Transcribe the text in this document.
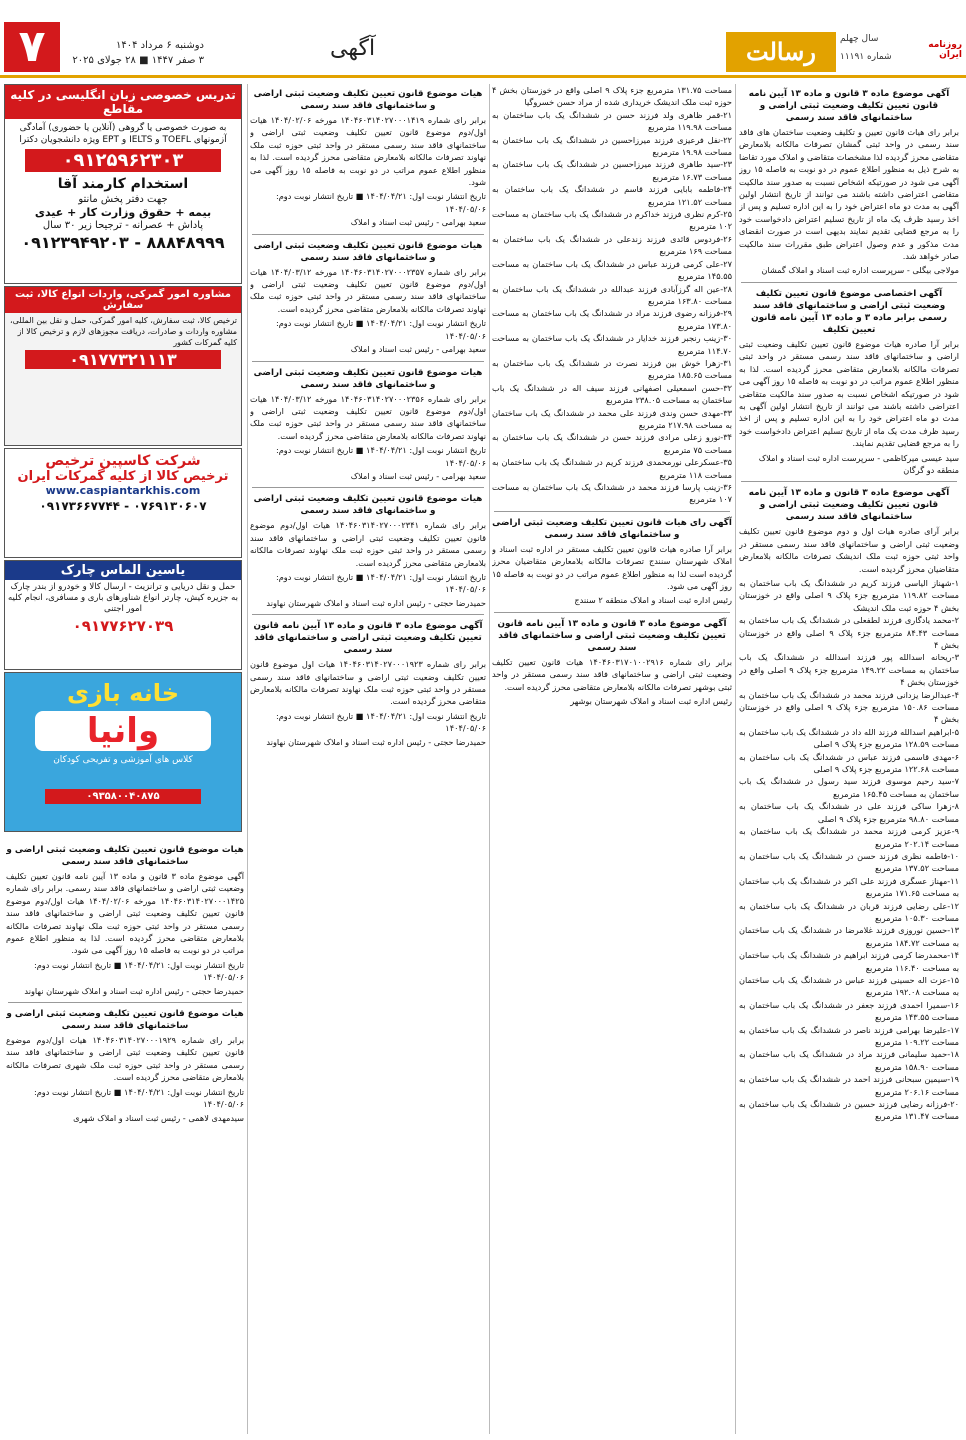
۷	دوشنبه ۶ مرداد ۱۴۰۴
۳ صفر ۱۴۴۷ ■ ۲۸ جولای ۲۰۲۵	آگهی	رسالت	سال چهلم
شماره ۱۱۱۹۱
روزنامه ایران
آگهی موضوع ماده ۳ قانون و ماده ۱۳ آیین نامه قانون تعیین تکلیف وضعیت ثبتی اراضی و ساختمانهای فاقد سند رسمی

برابر رای هیات قانون تعیین و تکلیف وضعیت ساختمان های فاقد سند رسمی در واحد ثبتی گمشان تصرفات مالکانه بلامعارض متقاضی محرز گردیده لذا مشخصات متقاضی و املاک مورد تقاضا به شرح ذیل به منظور اطلاع عموم در دو نوبت به فاصله ۱۵ روز آگهی می شود در صورتیکه اشخاص نسبت به صدور سند مالکیت متقاضی اعتراضی داشته باشند می توانند از تاریخ انتشار اولین آگهی به مدت دو ماه اعتراض خود را به این اداره تسلیم و پس از اخذ رسید ظرف یک ماه از تاریخ تسلیم اعتراض دادخواست خود را به مرجع قضایی تقدیم نمایند بدیهی است در صورت انقضای مدت مذکور و عدم وصول اعتراض طبق مقررات سند مالکیت صادر خواهد شد.

مولاجی بیگلی - سرپرست اداره ثبت اسناد و املاک گمشان

آگهی اختصاصی موضوع قانون تعیین تکلیف وضعیت ثبتی اراضی و ساختمانهای فاقد سند رسمی برابر ماده ۳ و ماده ۱۳ آیین نامه قانون تعیین تکلیف

برابر آرا صادره هیات موضوع قانون تعیین تکلیف وضعیت ثبتی اراضی و ساختمانهای فاقد سند رسمی مستقر در واحد ثبتی تصرفات مالکانه بلامعارض متقاضی محرز گردیده است. لذا به منظور اطلاع عموم مراتب در دو نوبت به فاصله ۱۵ روز آگهی می شود در صورتیکه اشخاص نسبت به صدور سند مالکیت متقاضی اعتراضی داشته باشند می توانند از تاریخ انتشار اولین آگهی به مدت دو ماه اعتراض خود را به این اداره تسلیم و پس از اخذ رسید ظرف مدت یک ماه از تاریخ تسلیم اعتراض دادخواست خود را به مرجع قضایی تقدیم نمایند.

سید عیسی میرکاظمی - سرپرست اداره ثبت اسناد و املاک منطقه دو گرگان

آگهی موضوع ماده ۳ قانون و ماده ۱۳ آیین نامه قانون تعیین تکلیف وضعیت ثبتی اراضی و ساختمانهای فاقد سند رسمی

برابر آرای صادره هیات اول و دوم موضوع قانون تعیین تکلیف وضعیت ثبتی اراضی و ساختمانهای فاقد سند رسمی مستقر در واحد ثبتی حوزه ثبت ملک اندیشک تصرفات مالکانه بلامعارض متقاضیان محرز گردیده است.

۱-شهناز الیاسی فرزند کریم در ششدانگ یک باب ساختمان به مساحت ۱۱۹.۸۲ مترمربع جزء پلاک ۹ اصلی واقع در خوزستان بخش ۴ حوزه ثبت ملک اندیشک

۲-محمد یادگاری فرزند لطفعلی در ششدانگ یک باب ساختمان به مساحت ۸۴.۴۳ مترمربع جزء پلاک ۹ اصلی واقع در خوزستان بخش ۴

۳-ریحانه اسدالله پور فرزند اسدالله در ششدانگ یک باب ساختمان به مساحت ۱۴۹.۲۲ مترمربع جزء پلاک ۹ اصلی واقع در خوزستان بخش ۴

۴-عبدالرضا یزدانی فرزند محمد در ششدانگ یک باب ساختمان به مساحت ۱۵۰.۸۶ مترمربع جزء پلاک ۹ اصلی واقع در خوزستان بخش ۴

۵-ابراهیم اسدالله فرزند الله داد در ششدانگ یک باب ساختمان به مساحت ۱۲۸.۵۹ مترمربع جزء پلاک ۹ اصلی

۶-مهدی قاسمی فرزند عباس در ششدانگ یک باب ساختمان به مساحت ۱۲۲.۶۸ مترمربع جزء پلاک ۹ اصلی

۷-سید رحیم موسوی فرزند سید رسول در ششدانگ یک باب ساختمان به مساحت ۱۶۵.۴۵ مترمربع

۸-زهرا ساکی فرزند علی در ششدانگ یک باب ساختمان به مساحت ۹۸.۸۰ مترمربع جزء پلاک ۹ اصلی

۹-عزیز کرمی فرزند محمد در ششدانگ یک باب ساختمان به مساحت ۲۰۲.۱۴ مترمربع

۱۰-فاطمه نظری فرزند حسن در ششدانگ یک باب ساختمان به مساحت ۱۳۷.۵۲ مترمربع

۱۱-مهناز عسگری فرزند علی اکبر در ششدانگ یک باب ساختمان به مساحت ۱۷۱.۶۵ مترمربع

۱۲-علی رضایی فرزند قربان در ششدانگ یک باب ساختمان به مساحت ۱۰۵.۳۰ مترمربع

۱۳-حسین نوروزی فرزند غلامرضا در ششدانگ یک باب ساختمان به مساحت ۱۸۴.۷۲ مترمربع

۱۴-محمدرضا کرمی فرزند ابراهیم در ششدانگ یک باب ساختمان به مساحت ۱۱۶.۴۰ مترمربع

۱۵-عزت اله حسینی فرزند عباس در ششدانگ یک باب ساختمان به مساحت ۱۹۲.۰۸ مترمربع

۱۶-سمیرا احمدی فرزند جعفر در ششدانگ یک باب ساختمان به مساحت ۱۴۳.۵۵ مترمربع

۱۷-علیرضا بهرامی فرزند ناصر در ششدانگ یک باب ساختمان به مساحت ۱۰۹.۲۲ مترمربع

۱۸-حمید سلیمانی فرزند مراد در ششدانگ یک باب ساختمان به مساحت ۱۵۸.۹۰ مترمربع

۱۹-سیمین سبحانی فرزند احمد در ششدانگ یک باب ساختمان به مساحت ۲۰۶.۱۶ مترمربع

۲۰-فرزانه رضایی فرزند حسین در ششدانگ یک باب ساختمان به مساحت ۱۳۱.۴۷ مترمربع

مساحت ۱۳۱.۷۵ مترمربع جزء پلاک ۹ اصلی واقع در خوزستان بخش ۴ حوزه ثبت ملک اندیشک خریداری شده از مراد حسن خسروگیا

۲۱-قمر ظاهری ولد فرزند حسن در ششدانگ یک باب ساختمان به مساحت ۱۱۹.۹۸ مترمربع

۲۲-نفل فرعیزی فرزند میرزاحسین در ششدانگ یک باب ساختمان به مساحت ۱۹.۹۸ مترمربع

۲۳-سید طاهری فرزند میرزاحسین در ششدانگ یک باب ساختمان به مساحت ۱۶.۷۳ مترمربع

۲۴-فاطمه بابایی فرزند قاسم در ششدانگ یک باب ساختمان به مساحت ۱۲۱.۵۲ مترمربع

۲۵-کرم نظری فرزند خداکرم در ششدانگ یک باب ساختمان به مساحت ۱۰۲ مترمربع

۲۶-فردوس قائدی فرزند زندعلی در ششدانگ یک باب ساختمان به مساحت ۱۶۹ مترمربع

۲۷-علی کرمی فرزند عباس در ششدانگ یک باب ساختمان به مساحت ۱۴۵.۵۵ مترمربع

۲۸-عین اله گرزآبادی فرزند عبدالله در ششدانگ یک باب ساختمان به مساحت ۱۶۳.۸۰ مترمربع

۲۹-فرزانه رضوی فرزند مراد در ششدانگ یک باب ساختمان به مساحت ۱۷۳.۸۰ مترمربع

۳۰-زینب رنجبر فرزند خدایار در ششدانگ یک باب ساختمان به مساحت ۱۱۴.۷۰ مترمربع

۳۱-زهرا خوش بین فرزند نصرت در ششدانگ یک باب ساختمان به مساحت ۱۸۵.۶۵ مترمربع

۳۲-حسن اسمعیلی اصفهانی فرزند سیف اله در ششدانگ یک باب ساختمان به مساحت ۲۳۸.۰۵ مترمربع

۳۳-مهدی حسن وندی فرزند علی محمد در ششدانگ یک باب ساختمان به مساحت ۲۱۷.۹۸ مترمربع

۳۴-نورو زعلی مرادی فرزند حسن در ششدانگ یک باب ساختمان به مساحت ۷۵ مترمربع

۳۵-عسکرعلی نورمحمدی فرزند کریم در ششدانگ یک باب ساختمان به مساحت ۱۱۸ مترمربع

۳۶-زینب پارسا فرزند محمد در ششدانگ یک باب ساختمان به مساحت ۱۰۷ مترمربع

آگهی رای هیات قانون تعیین تکلیف وضعیت ثبتی اراضی و ساختمانهای فاقد سند رسمی

برابر آرا صادره هیات قانون تعیین تکلیف مستقر در اداره ثبت اسناد و املاک شهرستان سنندج تصرفات مالکانه بلامعارض متقاضیان محرز گردیده است لذا به منظور اطلاع عموم مراتب در دو نوبت به فاصله ۱۵ روز آگهی می شود.

رئیس اداره ثبت اسناد و املاک منطقه ۲ سنندج

آگهی موضوع ماده ۳ قانون و ماده ۱۳ آیین نامه قانون تعیین تکلیف وضعیت ثبتی اراضی و ساختمانهای فاقد سند رسمی

برابر رای شماره ۱۴۰۴۶۰۳۱۷۰۱۰۰۲۹۱۶ هیات قانون تعیین تکلیف وضعیت ثبتی اراضی و ساختمانهای فاقد سند رسمی مستقر در واحد ثبتی بوشهر تصرفات مالکانه بلامعارض متقاضی محرز گردیده است.

رئیس اداره ثبت اسناد و املاک شهرستان بوشهر

هیات موضوع قانون تعیین تکلیف وضعیت ثبتی اراضی و ساختمانهای فاقد سند رسمی

برابر رای شماره ۱۴۰۴۶۰۳۱۴۰۲۷۰۰۰۱۴۱۹ مورخه ۱۴۰۴/۰۲/۰۶ هیات اول/دوم موضوع قانون تعیین تکلیف وضعیت ثبتی اراضی و ساختمانهای فاقد سند رسمی مستقر در واحد ثبتی حوزه ثبت ملک نهاوند تصرفات مالکانه بلامعارض متقاضی محرز گردیده است. لذا به منظور اطلاع عموم مراتب در دو نوبت به فاصله ۱۵ روز آگهی می شود.

تاریخ انتشار نوبت اول: ۱۴۰۴/۰۴/۲۱ ■ تاریخ انتشار نوبت دوم: ۱۴۰۴/۰۵/۰۶

سعید بهرامی - رئیس ثبت اسناد و املاک

هیات موضوع قانون تعیین تکلیف وضعیت ثبتی اراضی و ساختمانهای فاقد سند رسمی

برابر رای شماره ۱۴۰۴۶۰۳۱۴۰۲۷۰۰۰۲۳۵۷ مورخه ۱۴۰۴/۰۳/۱۲ هیات اول/دوم موضوع قانون تعیین تکلیف وضعیت ثبتی اراضی و ساختمانهای فاقد سند رسمی مستقر در واحد ثبتی حوزه ثبت ملک نهاوند تصرفات مالکانه بلامعارض متقاضی محرز گردیده است.

تاریخ انتشار نوبت اول: ۱۴۰۴/۰۴/۲۱ ■ تاریخ انتشار نوبت دوم: ۱۴۰۴/۰۵/۰۶

سعید بهرامی - رئیس ثبت اسناد و املاک

هیات موضوع قانون تعیین تکلیف وضعیت ثبتی اراضی و ساختمانهای فاقد سند رسمی

برابر رای شماره ۱۴۰۴۶۰۳۱۴۰۲۷۰۰۰۲۳۵۶ مورخه ۱۴۰۴/۰۳/۱۲ هیات اول/دوم موضوع قانون تعیین تکلیف وضعیت ثبتی اراضی و ساختمانهای فاقد سند رسمی مستقر در واحد ثبتی حوزه ثبت ملک نهاوند تصرفات مالکانه بلامعارض متقاضی محرز گردیده است.

تاریخ انتشار نوبت اول: ۱۴۰۴/۰۴/۲۱ ■ تاریخ انتشار نوبت دوم: ۱۴۰۴/۰۵/۰۶

سعید بهرامی - رئیس ثبت اسناد و املاک

هیات موضوع قانون تعیین تکلیف وضعیت ثبتی اراضی و ساختمانهای فاقد سند رسمی

برابر رای شماره ۱۴۰۴۶۰۳۱۴۰۲۷۰۰۰۲۳۴۱ هیات اول/دوم موضوع قانون تعیین تکلیف وضعیت ثبتی اراضی و ساختمانهای فاقد سند رسمی مستقر در واحد ثبتی حوزه ثبت ملک نهاوند تصرفات مالکانه بلامعارض متقاضی محرز گردیده است.

تاریخ انتشار نوبت اول: ۱۴۰۴/۰۴/۲۱ ■ تاریخ انتشار نوبت دوم: ۱۴۰۴/۰۵/۰۶

حمیدرضا حجتی - رئیس اداره ثبت اسناد و املاک شهرستان نهاوند

آگهی موضوع ماده ۳ قانون و ماده ۱۳ آیین نامه قانون تعیین تکلیف وضعیت ثبتی اراضی و ساختمانهای فاقد سند رسمی

برابر رای شماره ۱۴۰۴۶۰۳۱۴۰۲۷۰۰۰۱۹۲۳ هیات اول موضوع قانون تعیین تکلیف وضعیت ثبتی اراضی و ساختمانهای فاقد سند رسمی مستقر در واحد ثبتی حوزه ثبت ملک نهاوند تصرفات مالکانه بلامعارض متقاضی محرز گردیده است.

تاریخ انتشار نوبت اول: ۱۴۰۴/۰۴/۲۱ ■ تاریخ انتشار نوبت دوم: ۱۴۰۴/۰۵/۰۶

حمیدرضا حجتی - رئیس اداره ثبت اسناد و املاک شهرستان نهاوند

تدریس خصوصی زبان انگلیسی در کلیه مقاطع
به صورت خصوصی یا گروهی (آنلاین یا حضوری) آمادگی آزمونهای TOEFL و IELTS و EPT ویژه دانشجویان دکترا
۰۹۱۲۵۹۶۲۳۰۳
استخدام کارمند آقا
جهت دفتر پخش مانتو
بیمه + حقوق وزارت کار + عیدی
پاداش + عصرانه - ترجیحا زیر ۳۰ سال
۸۸۸۴۸۹۹۹ - ۰۹۱۲۳۹۴۹۲۰۳
مشاوره امور گمرکی، واردات انواع کالا، ثبت سفارش
ترخیص کالا، ثبت سفارش، کلیه امور گمرکی، حمل و نقل بین المللی، مشاوره واردات و صادرات، دریافت مجوزهای لازم و ترخیص کالا از کلیه گمرکات کشور
۰۹۱۷۷۳۲۱۱۱۳
شرکت کاسپین ترخیص
ترخیص کالا از کلیه گمرکات ایران
www.caspiantarkhis.com
۰۷۶۹۱۳۰۶۰۷ - ۰۹۱۷۳۶۶۷۷۴۴
یاسین الماس چارک
حمل و نقل دریایی و ترانزیت - ارسال کالا و خودرو از بندر چارک به جزیره کیش، چارتر انواع شناورهای باری و مسافری، انجام کلیه امور اجتنی
۰۹۱۷۷۶۲۷۰۳۹
خانه بازی
وانیا
کلاس های آموزشی و تفریحی کودکان
۰۹۳۵۸۰۰۴۰۸۷۵
هیات موضوع قانون تعیین تکلیف وضعیت ثبتی اراضی و ساختمانهای فاقد سند رسمی

آگهی موضوع ماده ۳ قانون و ماده ۱۳ آیین نامه قانون تعیین تکلیف وضعیت ثبتی اراضی و ساختمانهای فاقد سند رسمی. برابر رای شماره ۱۴۰۴۶۰۳۱۴۰۲۷۰۰۰۱۴۲۵ مورخه ۱۴۰۴/۰۲/۰۶ هیات اول/دوم موضوع قانون تعیین تکلیف وضعیت ثبتی اراضی و ساختمانهای فاقد سند رسمی مستقر در واحد ثبتی حوزه ثبت ملک نهاوند تصرفات مالکانه بلامعارض متقاضی محرز گردیده است. لذا به منظور اطلاع عموم مراتب در دو نوبت به فاصله ۱۵ روز آگهی می شود.

تاریخ انتشار نوبت اول: ۱۴۰۴/۰۴/۲۱ ■ تاریخ انتشار نوبت دوم: ۱۴۰۴/۰۵/۰۶

حمیدرضا حجتی - رئیس اداره ثبت اسناد و املاک شهرستان نهاوند

هیات موضوع قانون تعیین تکلیف وضعیت ثبتی اراضی و ساختمانهای فاقد سند رسمی

برابر رای شماره ۱۴۰۴۶۰۳۱۴۰۲۷۰۰۰۱۹۲۹ هیات اول/دوم موضوع قانون تعیین تکلیف وضعیت ثبتی اراضی و ساختمانهای فاقد سند رسمی مستقر در واحد ثبتی حوزه ثبت ملک شهری تصرفات مالکانه بلامعارض متقاضی محرز گردیده است.

تاریخ انتشار نوبت اول: ۱۴۰۴/۰۴/۲۱ ■ تاریخ انتشار نوبت دوم: ۱۴۰۴/۰۵/۰۶

سیدمهدی لاهمی - رئیس ثبت اسناد و املاک شهری
